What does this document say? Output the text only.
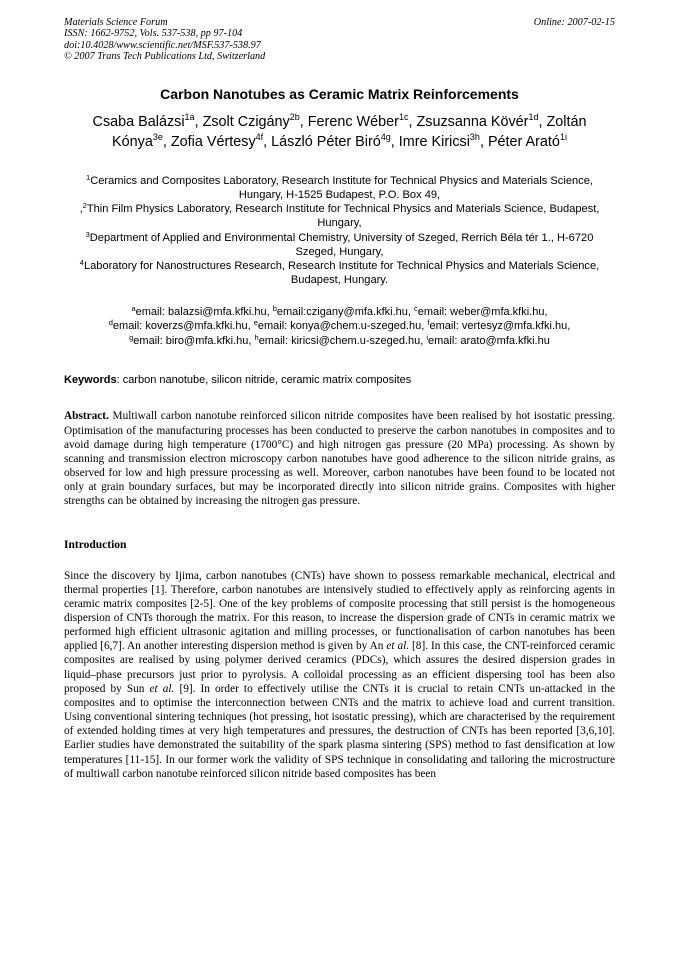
Materials Science Forum
ISSN: 1662-9752, Vols. 537-538, pp 97-104
doi:10.4028/www.scientific.net/MSF.537-538.97
© 2007 Trans Tech Publications Ltd, Switzerland
Online: 2007-02-15
Carbon Nanotubes as Ceramic Matrix Reinforcements
Csaba Balázsi$^{1a}$, Zsolt Czigány$^{2b}$, Ferenc Wéber$^{1c}$, Zsuzsanna Kövér$^{1d}$, Zoltán Kónya$^{3e}$, Zofia Vértesy$^{4f}$, László Péter Biró$^{4g}$, Imre Kiricsi$^{3h}$, Péter Arató$^{1i}$
$^1$Ceramics and Composites Laboratory, Research Institute for Technical Physics and Materials Science, Hungary, H-1525 Budapest, P.O. Box 49,
,$^2$Thin Film Physics Laboratory, Research Institute for Technical Physics and Materials Science, Budapest, Hungary,
$^3$Department of Applied and Environmental Chemistry, University of Szeged, Rerrich Béla tér 1., H-6720 Szeged, Hungary,
$^4$Laboratory for Nanostructures Research, Research Institute for Technical Physics and Materials Science, Budapest, Hungary.
$^a$email: balazsi@mfa.kfki.hu, $^b$email:czigany@mfa.kfki.hu, $^c$email: weber@mfa.kfki.hu,
$^d$email: koverzs@mfa.kfki.hu, $^e$email: konya@chem.u-szeged.hu, $^f$email: vertesyz@mfa.kfki.hu,
$^g$email: biro@mfa.kfki.hu, $^h$email: kiricsi@chem.u-szeged.hu, $^i$email: arato@mfa.kfki.hu
Keywords: carbon nanotube, silicon nitride, ceramic matrix composites
Abstract. Multiwall carbon nanotube reinforced silicon nitride composites have been realised by hot isostatic pressing. Optimisation of the manufacturing processes has been conducted to preserve the carbon nanotubes in composites and to avoid damage during high temperature (1700°C) and high nitrogen gas pressure (20 MPa) processing. As shown by scanning and transmission electron microscopy carbon nanotubes have good adherence to the silicon nitride grains, as observed for low and high pressure processing as well. Moreover, carbon nanotubes have been found to be located not only at grain boundary surfaces, but may be incorporated directly into silicon nitride grains. Composites with higher strengths can be obtained by increasing the nitrogen gas pressure.
Introduction
Since the discovery by Ijima, carbon nanotubes (CNTs) have shown to possess remarkable mechanical, electrical and thermal properties [1]. Therefore, carbon nanotubes are intensively studied to effectively apply as reinforcing agents in ceramic matrix composites [2-5]. One of the key problems of composite processing that still persist is the homogeneous dispersion of CNTs thorough the matrix. For this reason, to increase the dispersion grade of CNTs in ceramic matrix we performed high efficient ultrasonic agitation and milling processes, or functionalisation of carbon nanotubes has been applied [6,7]. An another interesting dispersion method is given by An et al. [8]. In this case, the CNT-reinforced ceramic composites are realised by using polymer derived ceramics (PDCs), which assures the desired dispersion grades in liquid–phase precursors just prior to pyrolysis. A colloidal processing as an efficient dispersing tool has been also proposed by Sun et al. [9]. In order to effectively utilise the CNTs it is crucial to retain CNTs un-attacked in the composites and to optimise the interconnection between CNTs and the matrix to achieve load and current transition. Using conventional sintering techniques (hot pressing, hot isostatic pressing), which are characterised by the requirement of extended holding times at very high temperatures and pressures, the destruction of CNTs has been reported [3,6,10]. Earlier studies have demonstrated the suitability of the spark plasma sintering (SPS) method to fast densification at low temperatures [11-15]. In our former work the validity of SPS technique in consolidating and tailoring the microstructure of multiwall carbon nanotube reinforced silicon nitride based composites has been
